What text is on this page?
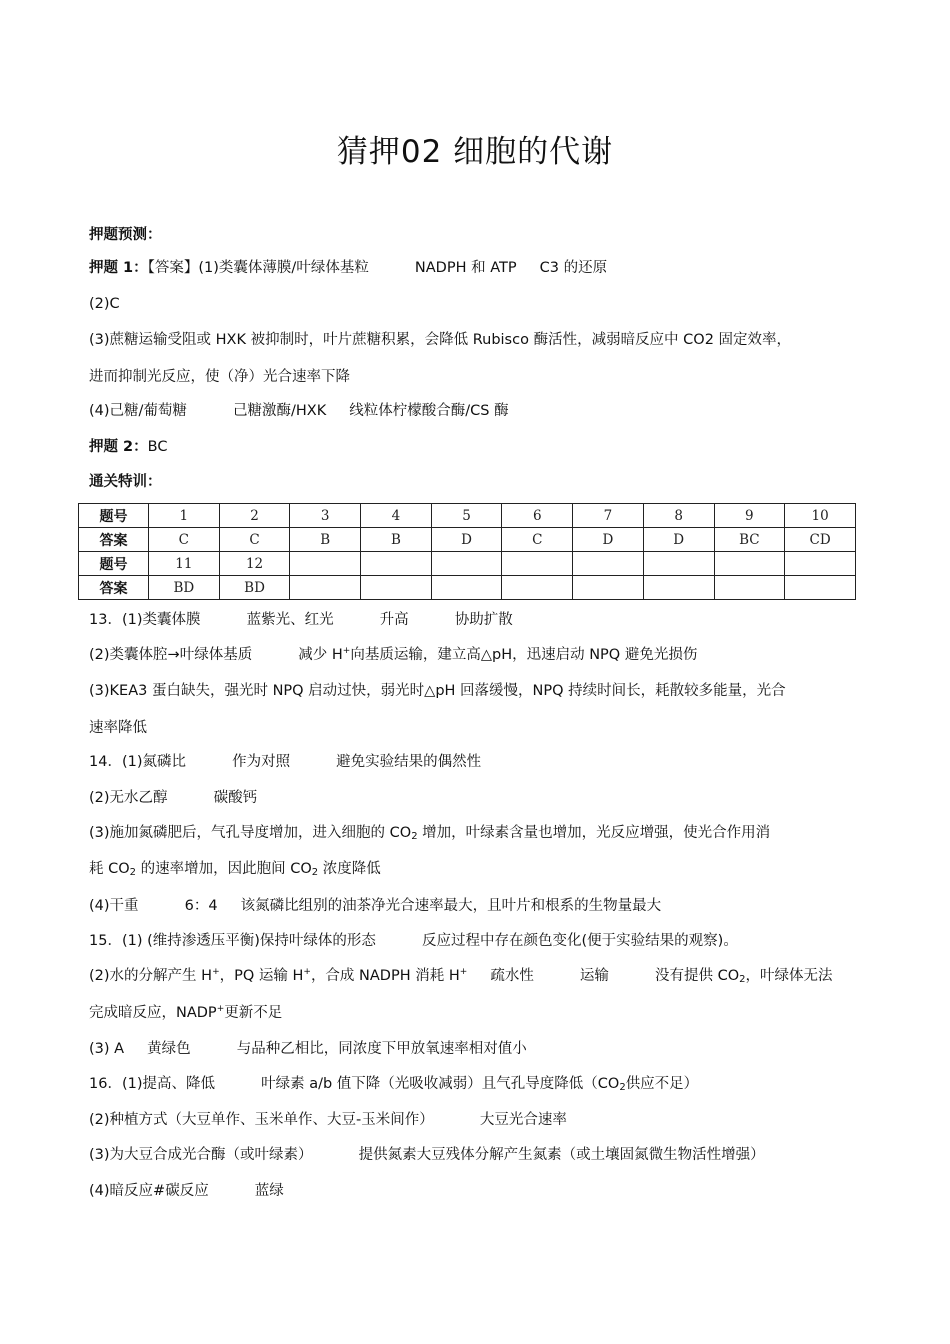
猜押02 细胞的代谢
押题预测：
押题 1：【答案】(1)类囊体薄膜/叶绿体基粒          NADPH 和 ATP     C3 的还原
(2)C
(3)蔗糖运输受阻或 HXK 被抑制时，叶片蔗糖积累，会降低 Rubisco 酶活性，减弱暗反应中 CO2 固定效率，
进而抑制光反应，使（净）光合速率下降
(4)己糖/葡萄糖          己糖激酶/HXK     线粒体柠檬酸合酶/CS 酶
押题 2：BC
通关特训：
题号	1	2	3	4	5	6	7	8	9	10
答案	C	C	B	B	D	C	D	D	BC	CD
题号	11	12								
答案	BD	BD								
13．(1)类囊体膜          蓝紫光、红光          升高          协助扩散
(2)类囊体腔→叶绿体基质          减少 H+向基质运输，建立高△pH，迅速启动 NPQ 避免光损伤
(3)KEA3 蛋白缺失，强光时 NPQ 启动过快，弱光时△pH 回落缓慢，NPQ 持续时间长，耗散较多能量，光合
速率降低
14．(1)氮磷比          作为对照          避免实验结果的偶然性
(2)无水乙醇          碳酸钙
(3)施加氮磷肥后，气孔导度增加，进入细胞的 $CO_2$ 增加，叶绿素含量也增加，光反应增强，使光合作用消
耗 $CO_2$ 的速率增加，因此胞间 $CO_2$ 浓度降低
(4)干重          6：4     该氮磷比组别的油茶净光合速率最大，且叶片和根系的生物量最大
15．(1) (维持渗透压平衡)保持叶绿体的形态          反应过程中存在颜色变化(便于实验结果的观察)。
(2)水的分解产生 H+，PQ 运输 H+，合成 NADPH 消耗 H+     疏水性          运输          没有提供 $CO_2$，叶绿体无法
完成暗反应，NADP+更新不足
(3) A     黄绿色          与品种乙相比，同浓度下甲放氧速率相对值小
16．(1)提高、降低          叶绿素 a/b 值下降（光吸收减弱）且气孔导度降低（$CO_2$供应不足）
(2)种植方式（大豆单作、玉米单作、大豆-玉米间作）          大豆光合速率
(3)为大豆合成光合酶（或叶绿素）          提供氮素大豆残体分解产生氮素（或土壤固氮微生物活性增强）
(4)暗反应#碳反应          蓝绿
